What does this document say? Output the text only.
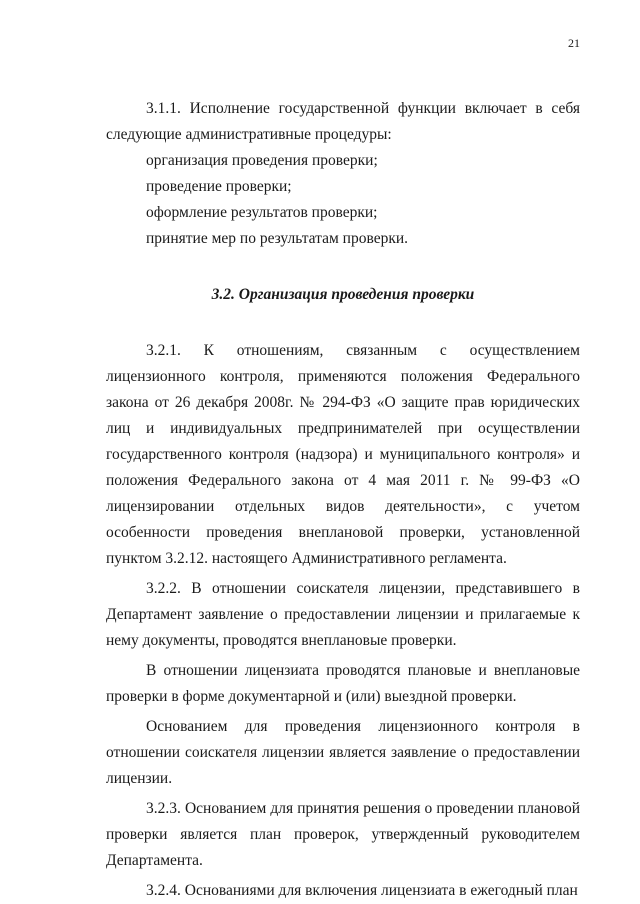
21

3.1.1. Исполнение государственной функции включает в себя следующие административные процедуры:

организация проведения проверки;

проведение проверки;

оформление результатов проверки;

принятие мер по результатам проверки.

3.2. Организация проведения проверки

3.2.1. К отношениям, связанным с осуществлением лицензионного контроля, применяются положения Федерального закона от 26 декабря 2008г. № 294-ФЗ «О защите прав юридических лиц и индивидуальных предпринимателей при осуществлении государственного контроля (надзора) и муниципального контроля» и положения Федерального закона от 4 мая 2011 г. № 99-ФЗ «О лицензировании отдельных видов деятельности», с учетом особенности проведения внеплановой проверки, установленной пунктом 3.2.12. настоящего Административного регламента.

3.2.2. В отношении соискателя лицензии, представившего в Департамент заявление о предоставлении лицензии и прилагаемые к нему документы, проводятся внеплановые проверки.

В отношении лицензиата проводятся плановые и внеплановые проверки в форме документарной и (или) выездной проверки.

Основанием для проведения лицензионного контроля в отношении соискателя лицензии является заявление о предоставлении лицензии.

3.2.3. Основанием для принятия решения о проведении плановой проверки является план проверок, утвержденный руководителем Департамента.

3.2.4. Основаниями для включения лицензиата в ежегодный план
